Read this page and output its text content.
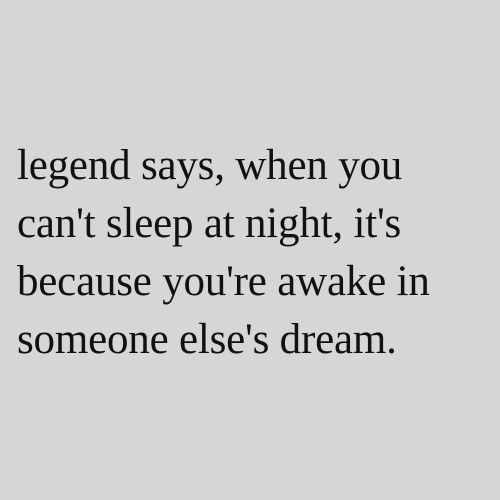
legend says, when you
can't sleep at night, it's
because you're awake in
someone else's dream.
